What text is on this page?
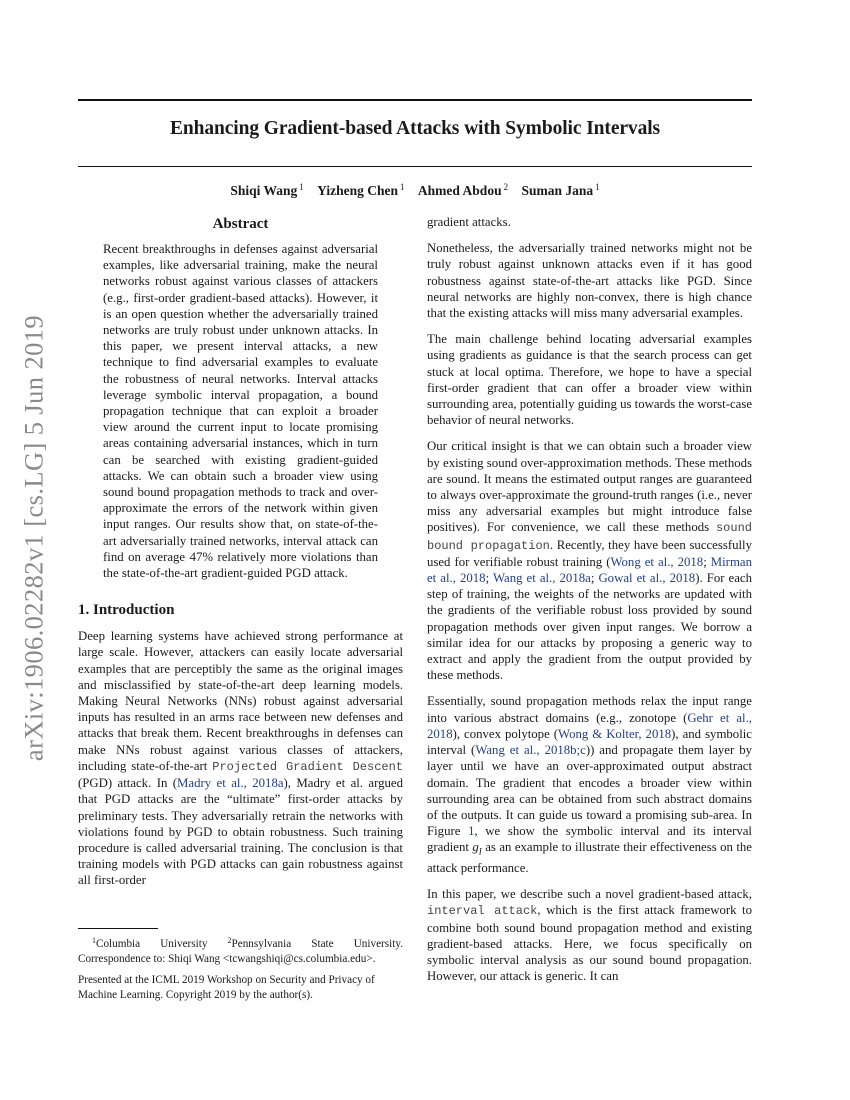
Enhancing Gradient-based Attacks with Symbolic Intervals
Shiqi Wang $^1$ Yizheng Chen $^1$ Ahmed Abdou $^2$ Suman Jana $^1$
arXiv:1906.02282v1 [cs.LG] 5 Jun 2019
Abstract
Recent breakthroughs in defenses against adversarial examples, like adversarial training, make the neural networks robust against various classes of attackers (e.g., first-order gradient-based attacks). However, it is an open question whether the adversarially trained networks are truly robust under unknown attacks. In this paper, we present interval attacks, a new technique to find adversarial examples to evaluate the robustness of neural networks. Interval attacks leverage symbolic interval propagation, a bound propagation technique that can exploit a broader view around the current input to locate promising areas containing adversarial instances, which in turn can be searched with existing gradient-guided attacks. We can obtain such a broader view using sound bound propagation methods to track and over-approximate the errors of the network within given input ranges. Our results show that, on state-of-the-art adversarially trained networks, interval attack can find on average 47% relatively more violations than the state-of-the-art gradient-guided PGD attack.
1. Introduction

Deep learning systems have achieved strong performance at large scale. However, attackers can easily locate adversarial examples that are perceptibly the same as the original images and misclassified by state-of-the-art deep learning models. Making Neural Networks (NNs) robust against adversarial inputs has resulted in an arms race between new defenses and attacks that break them. Recent breakthroughs in defenses can make NNs robust against various classes of attackers, including state-of-the-art Projected Gradient Descent (PGD) attack. In (Madry et al., 2018a), Madry et al. argued that PGD attacks are the “ultimate” first-order attacks by preliminary tests. They adversarially retrain the networks with violations found by PGD to obtain robustness. Such training procedure is called adversarial training. The conclusion is that training models with PGD attacks can gain robustness against all first-order

$^1$Columbia University $^2$Pennsylvania State University. Correspondence to: Shiqi Wang <tcwangshiqi@cs.columbia.edu>.
Presented at the ICML 2019 Workshop on Security and Privacy of Machine Learning. Copyright 2019 by the author(s).

gradient attacks.

Nonetheless, the adversarially trained networks might not be truly robust against unknown attacks even if it has good robustness against state-of-the-art attacks like PGD. Since neural networks are highly non-convex, there is high chance that the existing attacks will miss many adversarial examples.

The main challenge behind locating adversarial examples using gradients as guidance is that the search process can get stuck at local optima. Therefore, we hope to have a special first-order gradient that can offer a broader view within surrounding area, potentially guiding us towards the worst-case behavior of neural networks.

Our critical insight is that we can obtain such a broader view by existing sound over-approximation methods. These methods are sound. It means the estimated output ranges are guaranteed to always over-approximate the ground-truth ranges (i.e., never miss any adversarial examples but might introduce false positives). For convenience, we call these methods sound bound propagation. Recently, they have been successfully used for verifiable robust training (Wong et al., 2018; Mirman et al., 2018; Wang et al., 2018a; Gowal et al., 2018). For each step of training, the weights of the networks are updated with the gradients of the verifiable robust loss provided by sound propagation methods over given input ranges. We borrow a similar idea for our attacks by proposing a generic way to extract and apply the gradient from the output provided by these methods.

Essentially, sound propagation methods relax the input range into various abstract domains (e.g., zonotope (Gehr et al., 2018), convex polytope (Wong & Kolter, 2018), and symbolic interval (Wang et al., 2018b;c)) and propagate them layer by layer until we have an over-approximated output abstract domain. The gradient that encodes a broader view within surrounding area can be obtained from such abstract domains of the outputs. It can guide us toward a promising sub-area. In Figure 1, we show the symbolic interval and its interval gradient $g_I$ as an example to illustrate their effectiveness on the attack performance.

In this paper, we describe such a novel gradient-based attack, interval attack, which is the first attack framework to combine both sound bound propagation method and existing gradient-based attacks. Here, we focus specifically on symbolic interval analysis as our sound bound propagation. However, our attack is generic. It can
